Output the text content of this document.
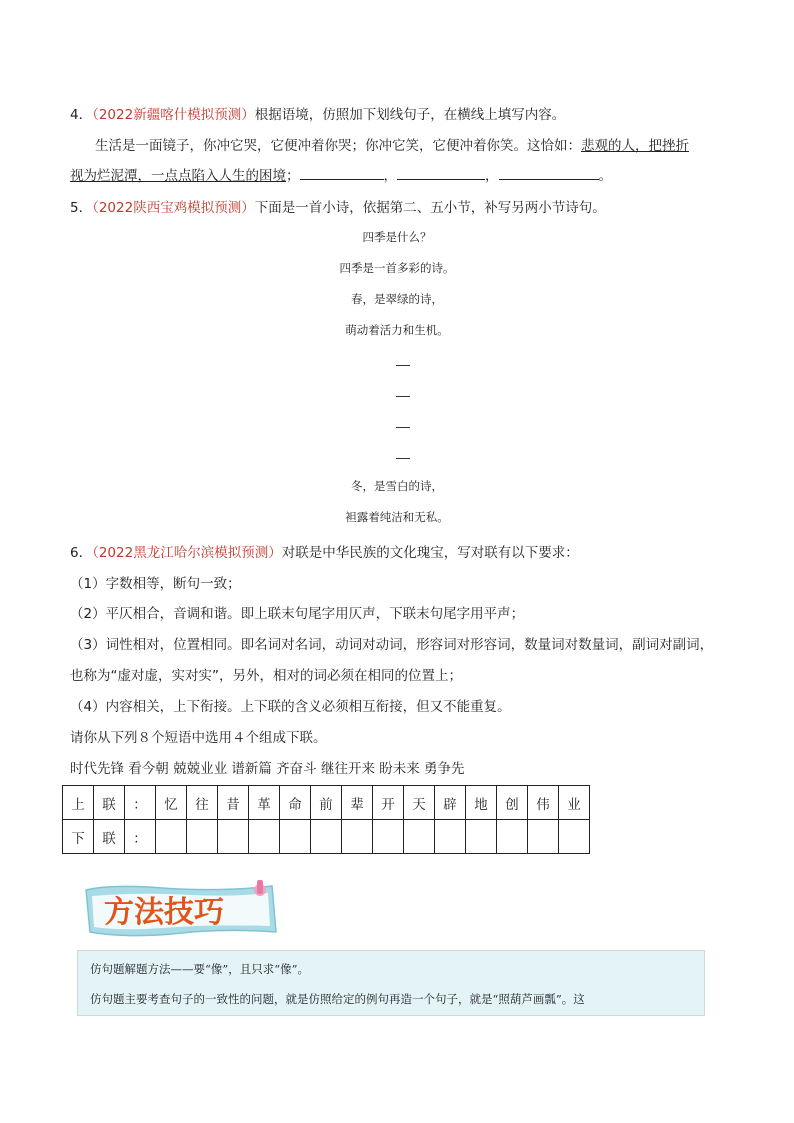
4．（2022新疆喀什模拟预测）根据语境，仿照加下划线句子，在横线上填写内容。
生活是一面镜子，你冲它哭，它便冲着你哭；你冲它笑，它便冲着你笑。这恰如：悲观的人，把挫折
视为烂泥潭，一点点陷入人生的困境；	，	，	。
5．（2022陕西宝鸡模拟预测）下面是一首小诗，依据第二、五小节，补写另两小节诗句。
四季是什么？
四季是一首多彩的诗。
春，是翠绿的诗，
萌动着活力和生机。
冬，是雪白的诗，
袒露着纯洁和无私。
6．（2022黑龙江哈尔滨模拟预测）对联是中华民族的文化瑰宝，写对联有以下要求：
（1）字数相等，断句一致；
（2）平仄相合，音调和谐。即上联末句尾字用仄声，下联末句尾字用平声；
（3）词性相对，位置相同。即名词对名词，动词对动词，形容词对形容词，数量词对数量词，副词对副词，
也称为“虚对虚，实对实”，另外，相对的词必须在相同的位置上；
（4）内容相关，上下衔接。上下联的含义必须相互衔接，但又不能重复。
请你从下列８个短语中选用４个组成下联。
时代先锋 看今朝 兢兢业业 谱新篇 齐奋斗 继往开来 盼未来 勇争先
上	联	：	忆	往	昔	革	命	前	辈	开	天	辟	地	创	伟	业
下	联	：														
方法技巧
仿句题解题方法——要“像”，且只求“像”。
仿句题主要考查句子的一致性的问题，就是仿照给定的例句再造一个句子，就是“照葫芦画瓢”。这
